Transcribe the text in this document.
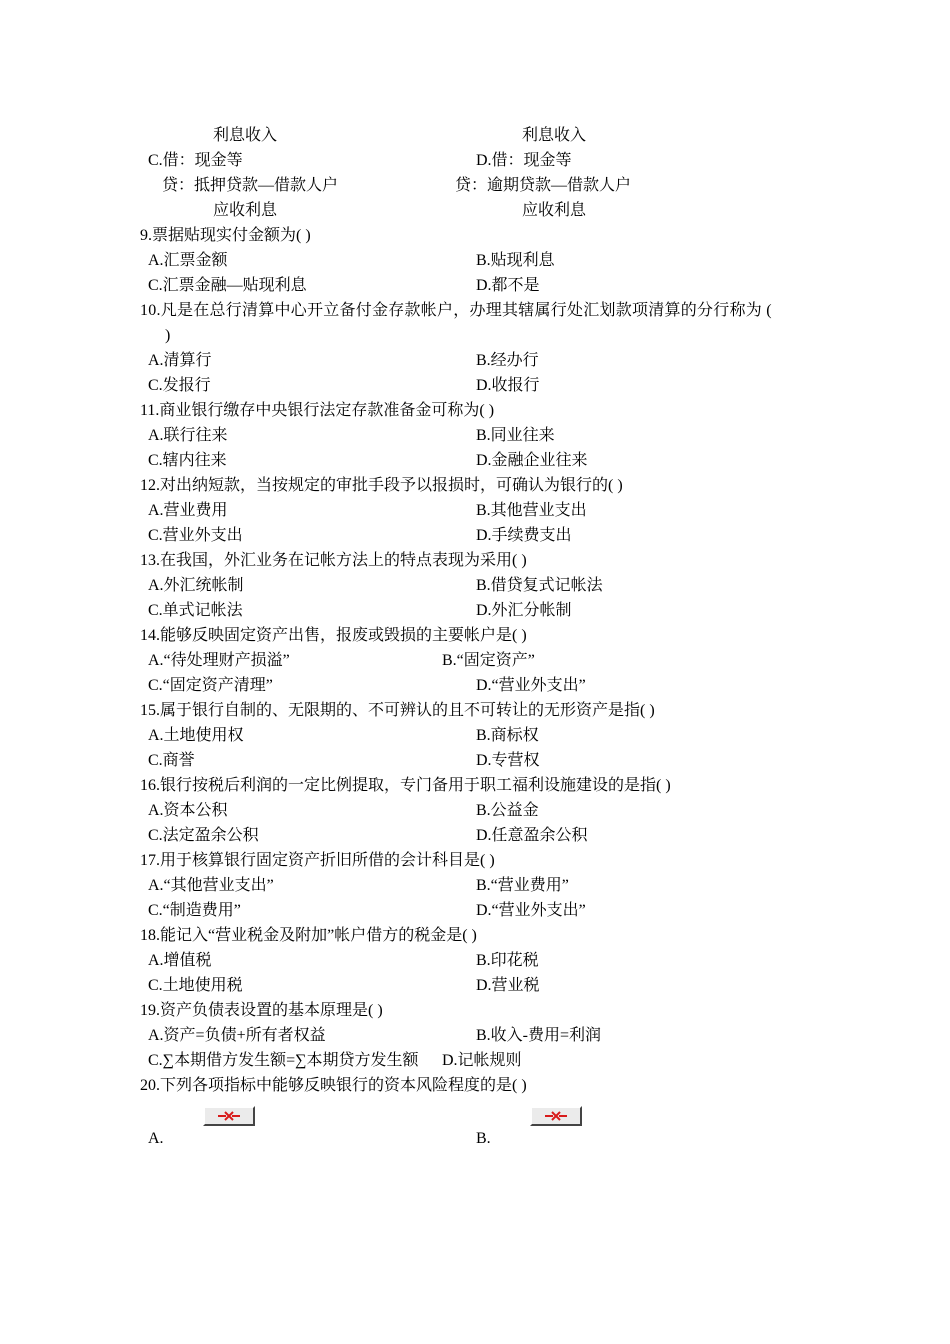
利息收入	利息收入
C.借：现金等	D.借：现金等
贷：抵押贷款—借款人户	贷：逾期贷款—借款人户
应收利息	应收利息
9.票据贴现实付金额为( )
A.汇票金额	B.贴现利息
C.汇票金融—贴现利息	D.都不是
10.凡是在总行清算中心开立备付金存款帐户，办理其辖属行处汇划款项清算的分行称为 (
)
A.清算行	B.经办行
C.发报行	D.收报行
11.商业银行缴存中央银行法定存款准备金可称为( )
A.联行往来	B.同业往来
C.辖内往来	D.金融企业往来
12.对出纳短款，当按规定的审批手段予以报损时，可确认为银行的( )
A.营业费用	B.其他营业支出
C.营业外支出	D.手续费支出
13.在我国，外汇业务在记帐方法上的特点表现为采用( )
A.外汇统帐制	B.借贷复式记帐法
C.单式记帐法	D.外汇分帐制
14.能够反映固定资产出售，报废或毁损的主要帐户是( )
A.“待处理财产损溢”	B.“固定资产”
C.“固定资产清理”	D.“营业外支出”
15.属于银行自制的、无限期的、不可辨认的且不可转让的无形资产是指( )
A.土地使用权	B.商标权
C.商誉	D.专营权
16.银行按税后利润的一定比例提取，专门备用于职工福利设施建设的是指( )
A.资本公积	B.公益金
C.法定盈余公积	D.任意盈余公积
17.用于核算银行固定资产折旧所借的会计科目是( )
A.“其他营业支出”	B.“营业费用”
C.“制造费用”	D.“营业外支出”
18.能记入“营业税金及附加”帐户借方的税金是( )
A.增值税	B.印花税
C.土地使用税	D.营业税
19.资产负债表设置的基本原理是( )
A.资产=负债+所有者权益	B.收入-费用=利润
C.∑本期借方发生额=∑本期贷方发生额 D.记帐规则
20.下列各项指标中能够反映银行的资本风险程度的是( )
A.	B.
